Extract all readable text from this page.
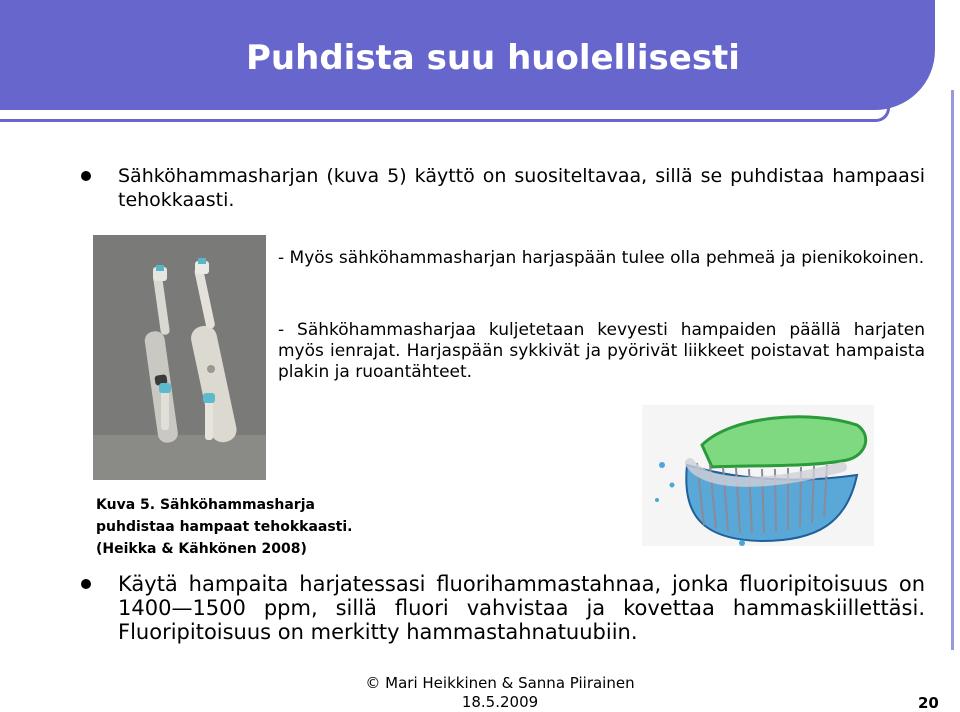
Puhdista suu huolellisesti

Sähköhammasharjan (kuva 5) käyttö on suositeltavaa, sillä se puhdistaa hampaasi tehokkaasti.

- Myös sähköhammasharjan harjaspään tulee olla pehmeä ja pienikokoinen.

- Sähköhammasharjaa kuljetetaan kevyesti hampaiden päällä harjaten myös ienrajat. Harjaspään sykkivät ja pyörivät liikkeet poistavat hampaista plakin ja ruoantähteet.

Kuva 5. Sähköhammasharja
puhdistaa hampaat tehokkaasti.
(Heikka & Kähkönen 2008)

Käytä hampaita harjatessasi fluorihammastahnaa, jonka fluoripitoisuus on 1400—1500 ppm, sillä fluori vahvistaa ja kovettaa hammaskiillettäsi. Fluoripitoisuus on merkitty hammastahnatuubiin.

© Mari Heikkinen & Sanna Piirainen
18.5.2009	20
